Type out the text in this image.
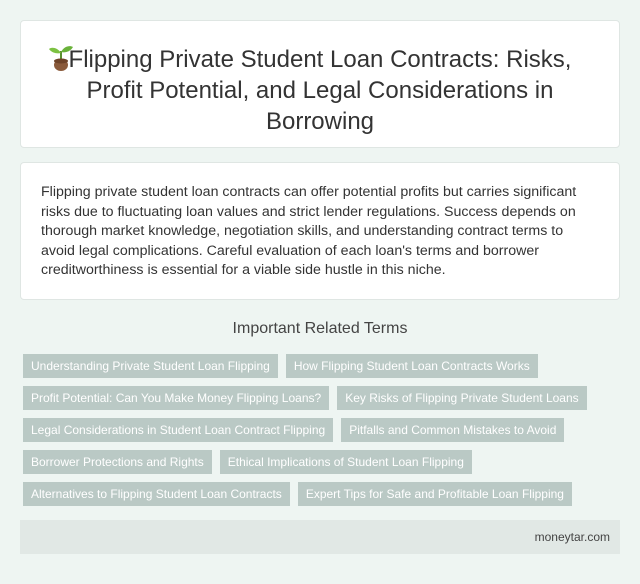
Flipping Private Student Loan Contracts: Risks, Profit Potential, and Legal Considerations in Borrowing

Flipping private student loan contracts can offer potential profits but carries significant risks due to fluctuating loan values and strict lender regulations. Success depends on thorough market knowledge, negotiation skills, and understanding contract terms to avoid legal complications. Careful evaluation of each loan's terms and borrower creditworthiness is essential for a viable side hustle in this niche.

Important Related Terms
Understanding Private Student Loan Flipping	How Flipping Student Loan Contracts Works
Profit Potential: Can You Make Money Flipping Loans?	Key Risks of Flipping Private Student Loans
Legal Considerations in Student Loan Contract Flipping	Pitfalls and Common Mistakes to Avoid
Borrower Protections and Rights	Ethical Implications of Student Loan Flipping
Alternatives to Flipping Student Loan Contracts	Expert Tips for Safe and Profitable Loan Flipping
moneytar.com
